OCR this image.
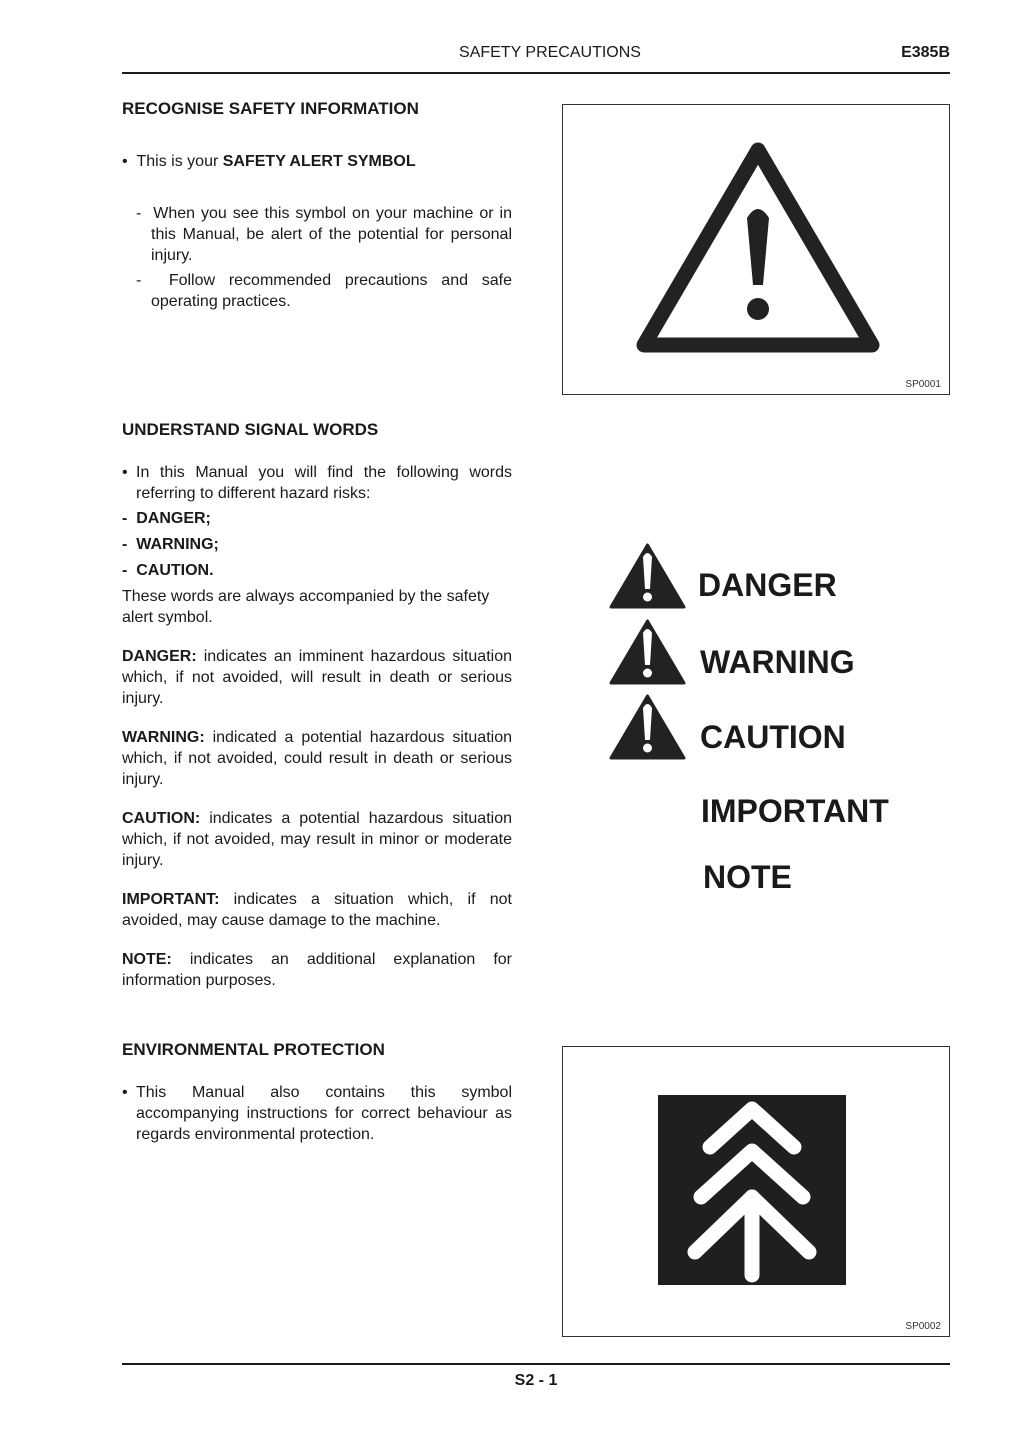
SAFETY PRECAUTIONS	E385B
RECOGNISE SAFETY INFORMATION
•  This is your SAFETY ALERT SYMBOL
-  When you see this symbol on your machine or in this Manual, be alert of the potential for personal injury.
-  Follow recommended precautions and safe operating practices.
SP0001
UNDERSTAND SIGNAL WORDS
• In this Manual you will find the following words referring to different hazard risks:
-  DANGER;
-  WARNING;
-  CAUTION.
These words are always accompanied by the safety alert symbol.
DANGER: indicates an imminent hazardous situation which, if not avoided, will result in death or serious injury.
WARNING: indicated a potential hazardous situation which, if not avoided, could result in death or serious injury.
CAUTION: indicates a potential hazardous situation which, if not avoided, may result in minor or moderate injury.
IMPORTANT: indicates a situation which, if not avoided, may cause damage to the machine.
NOTE: indicates an additional explanation for information purposes.
DANGER
WARNING
CAUTION
IMPORTANT
NOTE
ENVIRONMENTAL PROTECTION
• This Manual also contains this symbol accompanying instructions for correct behaviour as regards environmental protection.
SP0002
S2 - 1
